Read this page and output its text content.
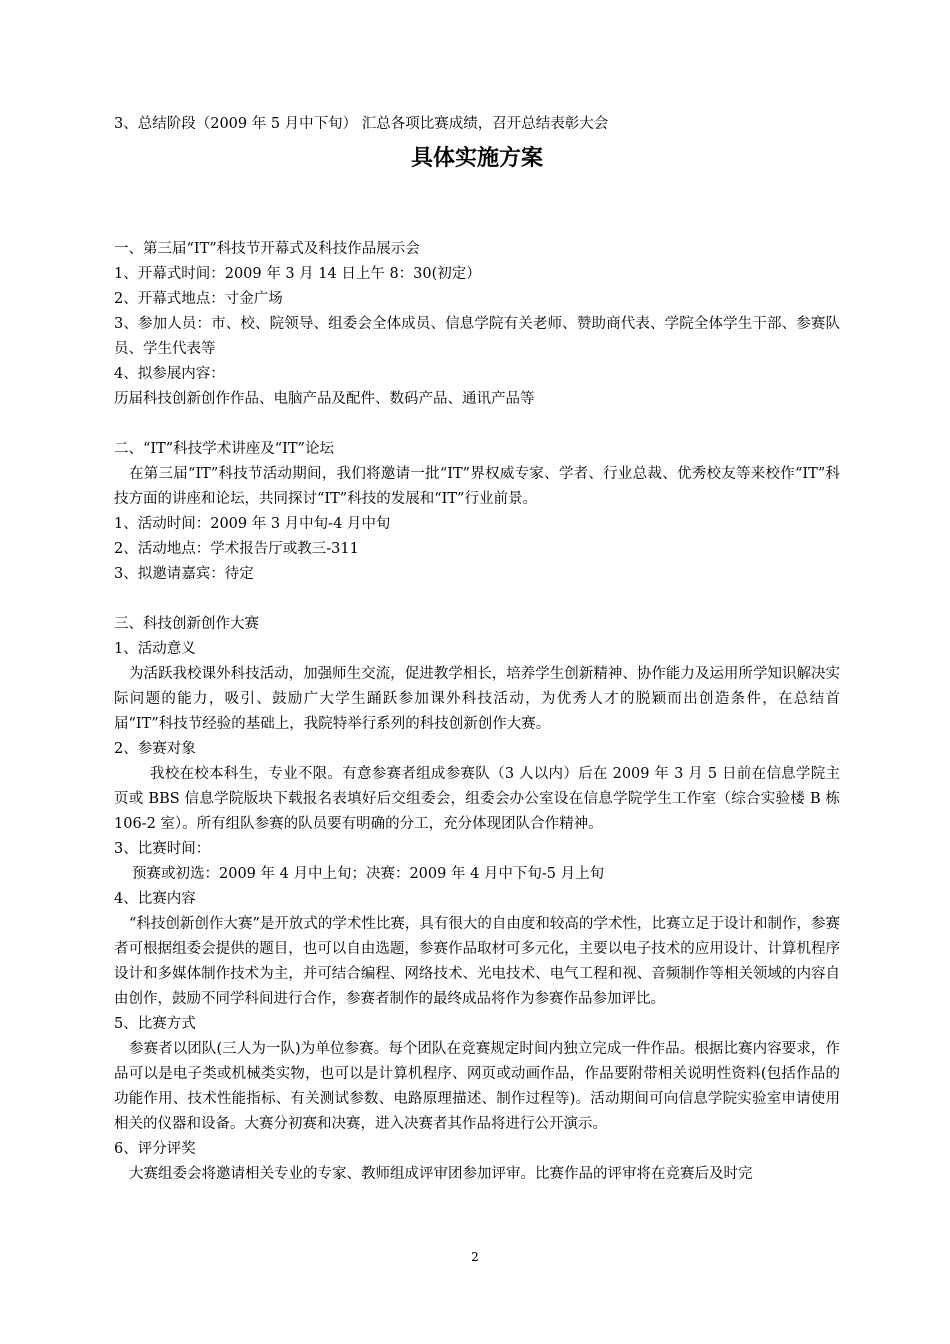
3、总结阶段（2009 年 5 月中下旬） 汇总各项比赛成绩，召开总结表彰大会

具体实施方案

一、第三届“IT”科技节开幕式及科技作品展示会

1、开幕式时间：2009 年 3 月 14 日上午 8：30(初定）

2、开幕式地点：寸金广场

3、参加人员：市、校、院领导、组委会全体成员、信息学院有关老师、赞助商代表、学院全体学生干部、参赛队员、学生代表等

4、拟参展内容：

历届科技创新创作作品、电脑产品及配件、数码产品、通讯产品等

二、“IT”科技学术讲座及“IT”论坛

在第三届“IT”科技节活动期间，我们将邀请一批“IT”界权威专家、学者、行业总裁、优秀校友等来校作“IT”科技方面的讲座和论坛，共同探讨“IT”科技的发展和“IT”行业前景。

1、活动时间：2009 年 3 月中旬-4 月中旬

2、活动地点：学术报告厅或教三-311

3、拟邀请嘉宾：待定

三、科技创新创作大赛

1、活动意义

为活跃我校课外科技活动，加强师生交流，促进教学相长，培养学生创新精神、协作能力及运用所学知识解决实际问题的能力，吸引、鼓励广大学生踊跃参加课外科技活动，为优秀人才的脱颖而出创造条件，在总结首届“IT”科技节经验的基础上，我院特举行系列的科技创新创作大赛。

2、参赛对象

我校在校本科生，专业不限。有意参赛者组成参赛队（3 人以内）后在 2009 年 3 月 5 日前在信息学院主页或 BBS 信息学院版块下载报名表填好后交组委会，组委会办公室设在信息学院学生工作室（综合实验楼 B 栋 106-2 室）。所有组队参赛的队员要有明确的分工，充分体现团队合作精神。

3、比赛时间：

预赛或初选：2009 年 4 月中上旬；决赛：2009 年 4 月中下旬-5 月上旬

4、比赛内容

“科技创新创作大赛”是开放式的学术性比赛，具有很大的自由度和较高的学术性，比赛立足于设计和制作，参赛者可根据组委会提供的题目，也可以自由选题，参赛作品取材可多元化，主要以电子技术的应用设计、计算机程序设计和多媒体制作技术为主，并可结合编程、网络技术、光电技术、电气工程和视、音频制作等相关领域的内容自由创作，鼓励不同学科间进行合作，参赛者制作的最终成品将作为参赛作品参加评比。

5、比赛方式

参赛者以团队(三人为一队)为单位参赛。每个团队在竞赛规定时间内独立完成一件作品。根据比赛内容要求，作品可以是电子类或机械类实物，也可以是计算机程序、网页或动画作品，作品要附带相关说明性资料(包括作品的功能作用、技术性能指标、有关测试参数、电路原理描述、制作过程等)。活动期间可向信息学院实验室申请使用相关的仪器和设备。大赛分初赛和决赛，进入决赛者其作品将进行公开演示。

6、评分评奖

大赛组委会将邀请相关专业的专家、教师组成评审团参加评审。比赛作品的评审将在竞赛后及时完

2
